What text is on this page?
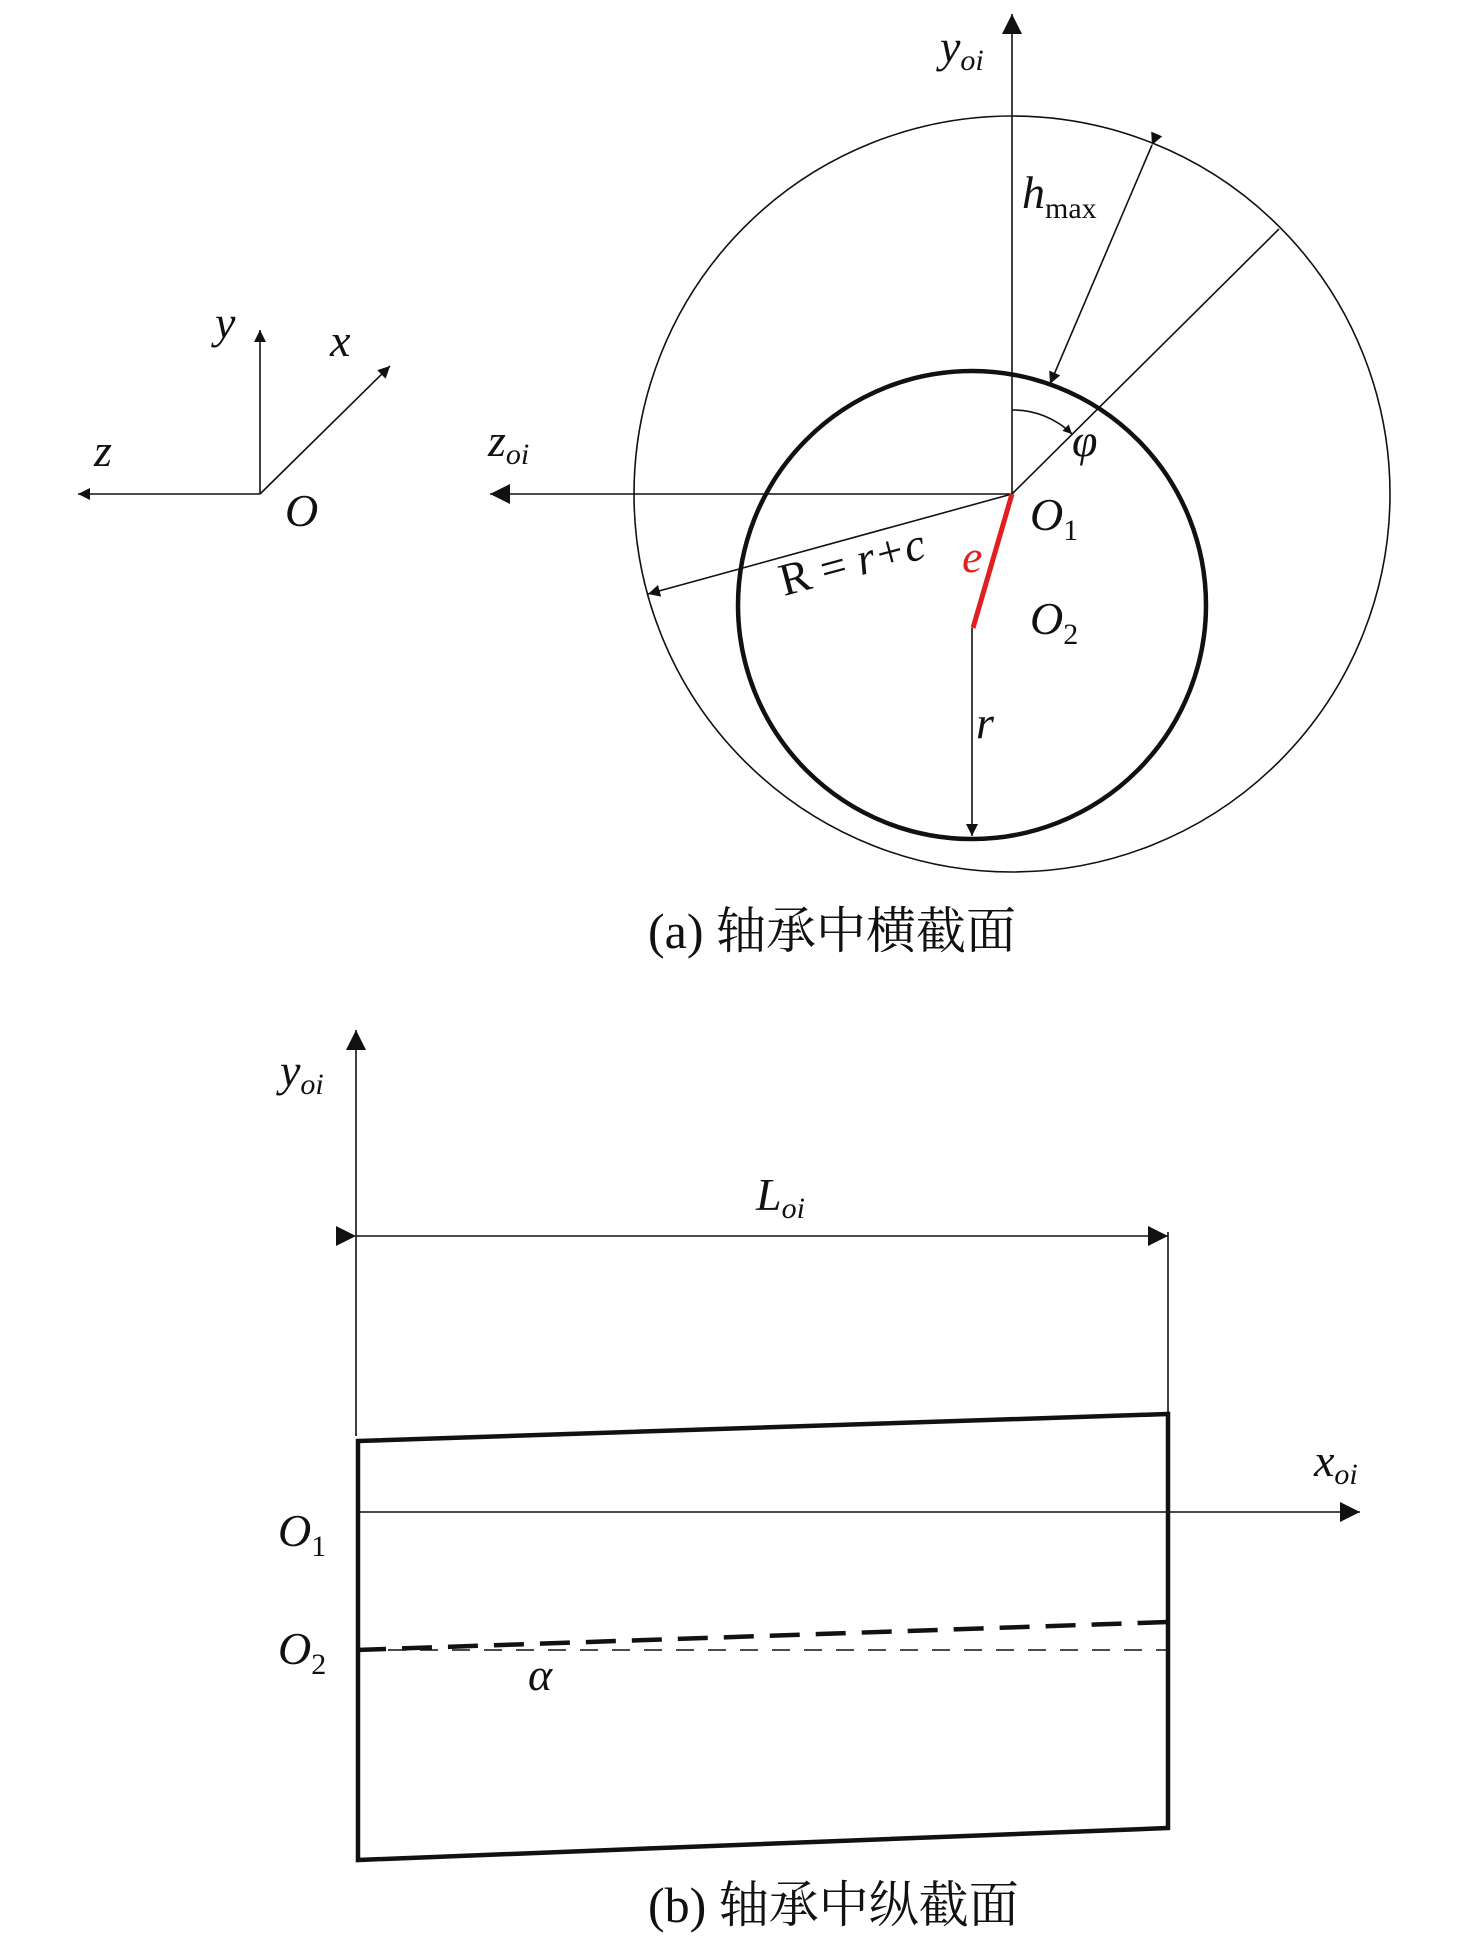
y x
z
O
yoi
zoi	φ
$h_{max}$
R = r+c e
r
$O_1$
$O_2$
(a) 轴承中横截面
yoi
xoi
Loi
α
$O_1$
$O_2$
(b) 轴承中纵截面
